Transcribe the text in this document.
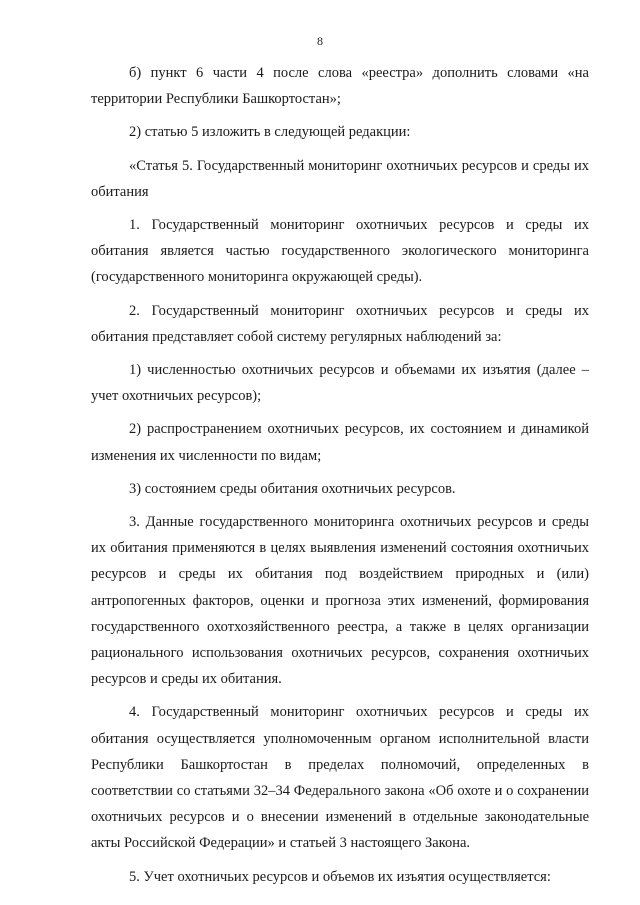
8

б) пункт 6 части 4 после слова «реестра» дополнить словами «на территории Республики Башкортостан»;

2) статью 5 изложить в следующей редакции:

«Статья 5. Государственный мониторинг охотничьих ресурсов и среды их обитания

1. Государственный мониторинг охотничьих ресурсов и среды их обитания является частью государственного экологического мониторинга (государственного мониторинга окружающей среды).

2. Государственный мониторинг охотничьих ресурсов и среды их обитания представляет собой систему регулярных наблюдений за:

1) численностью охотничьих ресурсов и объемами их изъятия (далее – учет охотничьих ресурсов);

2) распространением охотничьих ресурсов, их состоянием и динамикой изменения их численности по видам;

3) состоянием среды обитания охотничьих ресурсов.

3. Данные государственного мониторинга охотничьих ресурсов и среды их обитания применяются в целях выявления изменений состояния охотничьих ресурсов и среды их обитания под воздействием природных и (или) антропогенных факторов, оценки и прогноза этих изменений, формирования государственного охотхозяйственного реестра, а также в целях организации рационального использования охотничьих ресурсов, сохранения охотничьих ресурсов и среды их обитания.

4. Государственный мониторинг охотничьих ресурсов и среды их обитания осуществляется уполномоченным органом исполнительной власти Республики Башкортостан в пределах полномочий, определенных в соответствии со статьями 32–34 Федерального закона «Об охоте и о сохранении охотничьих ресурсов и о внесении изменений в отдельные законодательные акты Российской Федерации» и статьей 3 настоящего Закона.

5. Учет охотничьих ресурсов и объемов их изъятия осуществляется:
